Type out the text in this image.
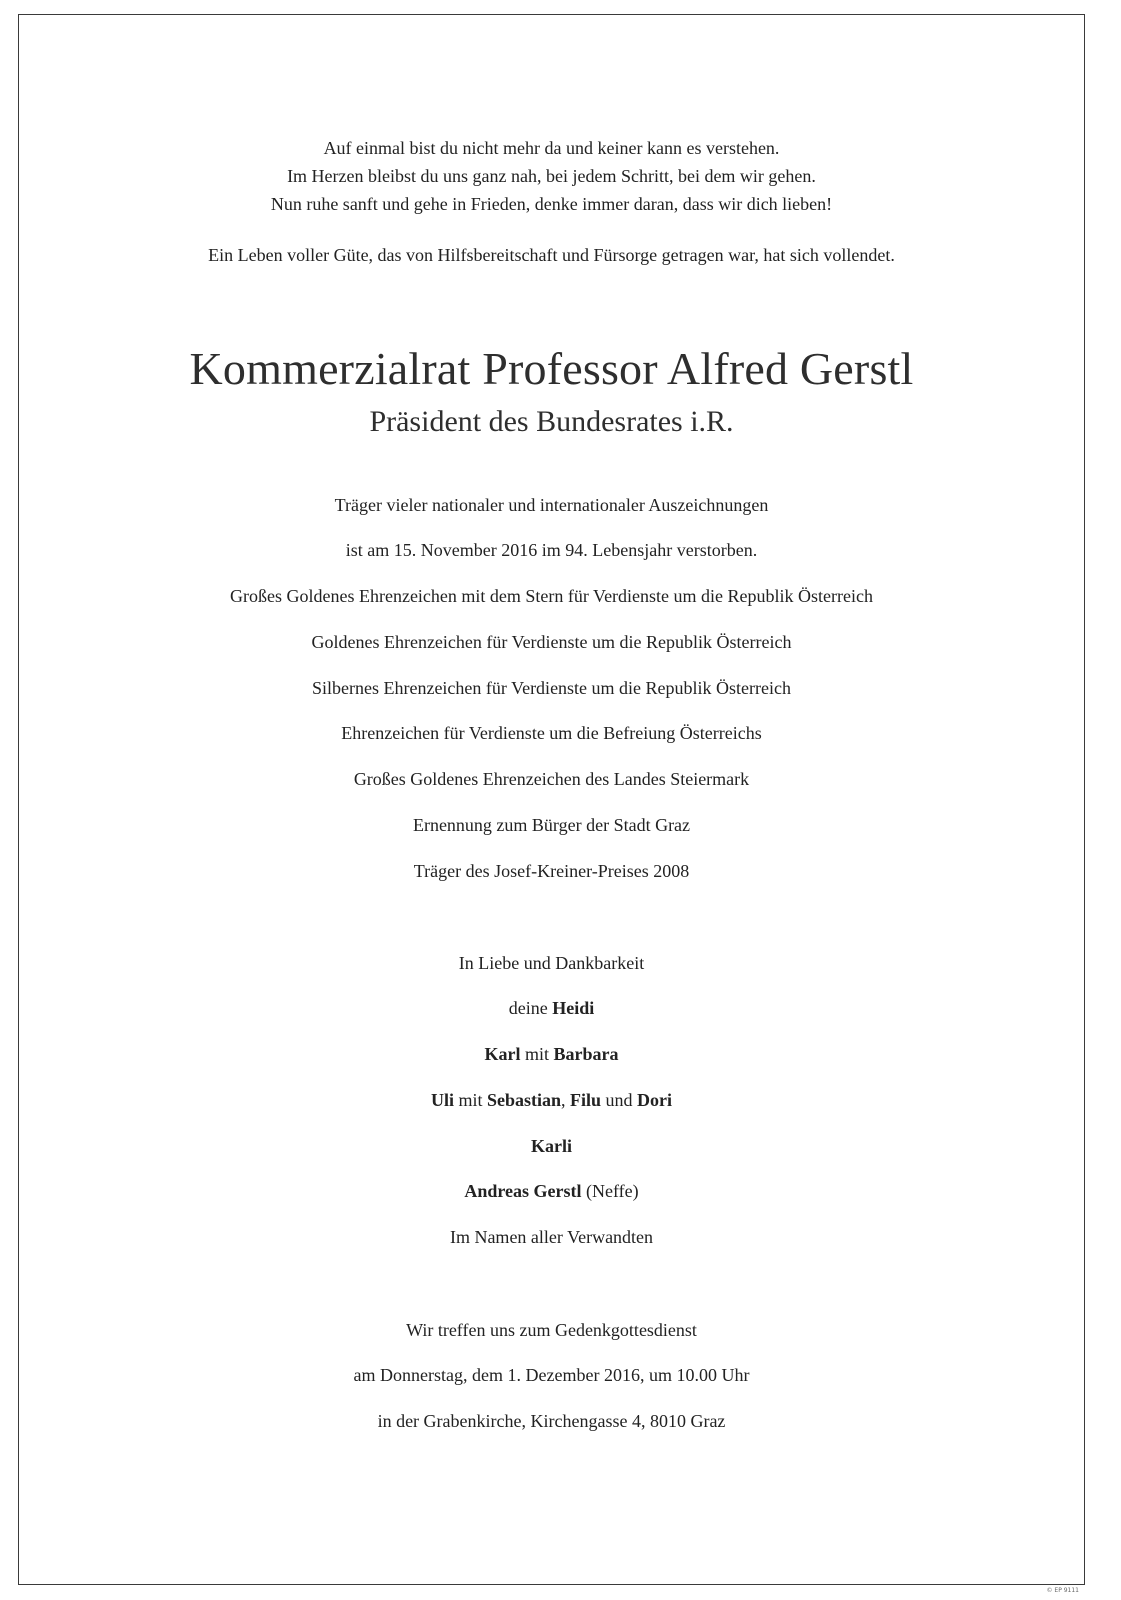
Auf einmal bist du nicht mehr da und keiner kann es verstehen.

Im Herzen bleibst du uns ganz nah, bei jedem Schritt, bei dem wir gehen.

Nun ruhe sanft und gehe in Frieden, denke immer daran, dass wir dich lieben!

Ein Leben voller Güte, das von Hilfsbereitschaft und Fürsorge getragen war, hat sich vollendet.

Kommerzialrat Professor Alfred Gerstl
Präsident des Bundesrates i.R.

Träger vieler nationaler und internationaler Auszeichnungen

ist am 15. November 2016 im 94. Lebensjahr verstorben.

Großes Goldenes Ehrenzeichen mit dem Stern für Verdienste um die Republik Österreich

Goldenes Ehrenzeichen für Verdienste um die Republik Österreich

Silbernes Ehrenzeichen für Verdienste um die Republik Österreich

Ehrenzeichen für Verdienste um die Befreiung Österreichs

Großes Goldenes Ehrenzeichen des Landes Steiermark

Ernennung zum Bürger der Stadt Graz

Träger des Josef-Kreiner-Preises 2008

In Liebe und Dankbarkeit

deine Heidi

Karl mit Barbara

Uli mit Sebastian, Filu und Dori

Karli

Andreas Gerstl (Neffe)

Im Namen aller Verwandten

Wir treffen uns zum Gedenkgottesdienst

am Donnerstag, dem 1. Dezember 2016, um 10.00 Uhr

in der Grabenkirche, Kirchengasse 4, 8010 Graz

© EP 9111
